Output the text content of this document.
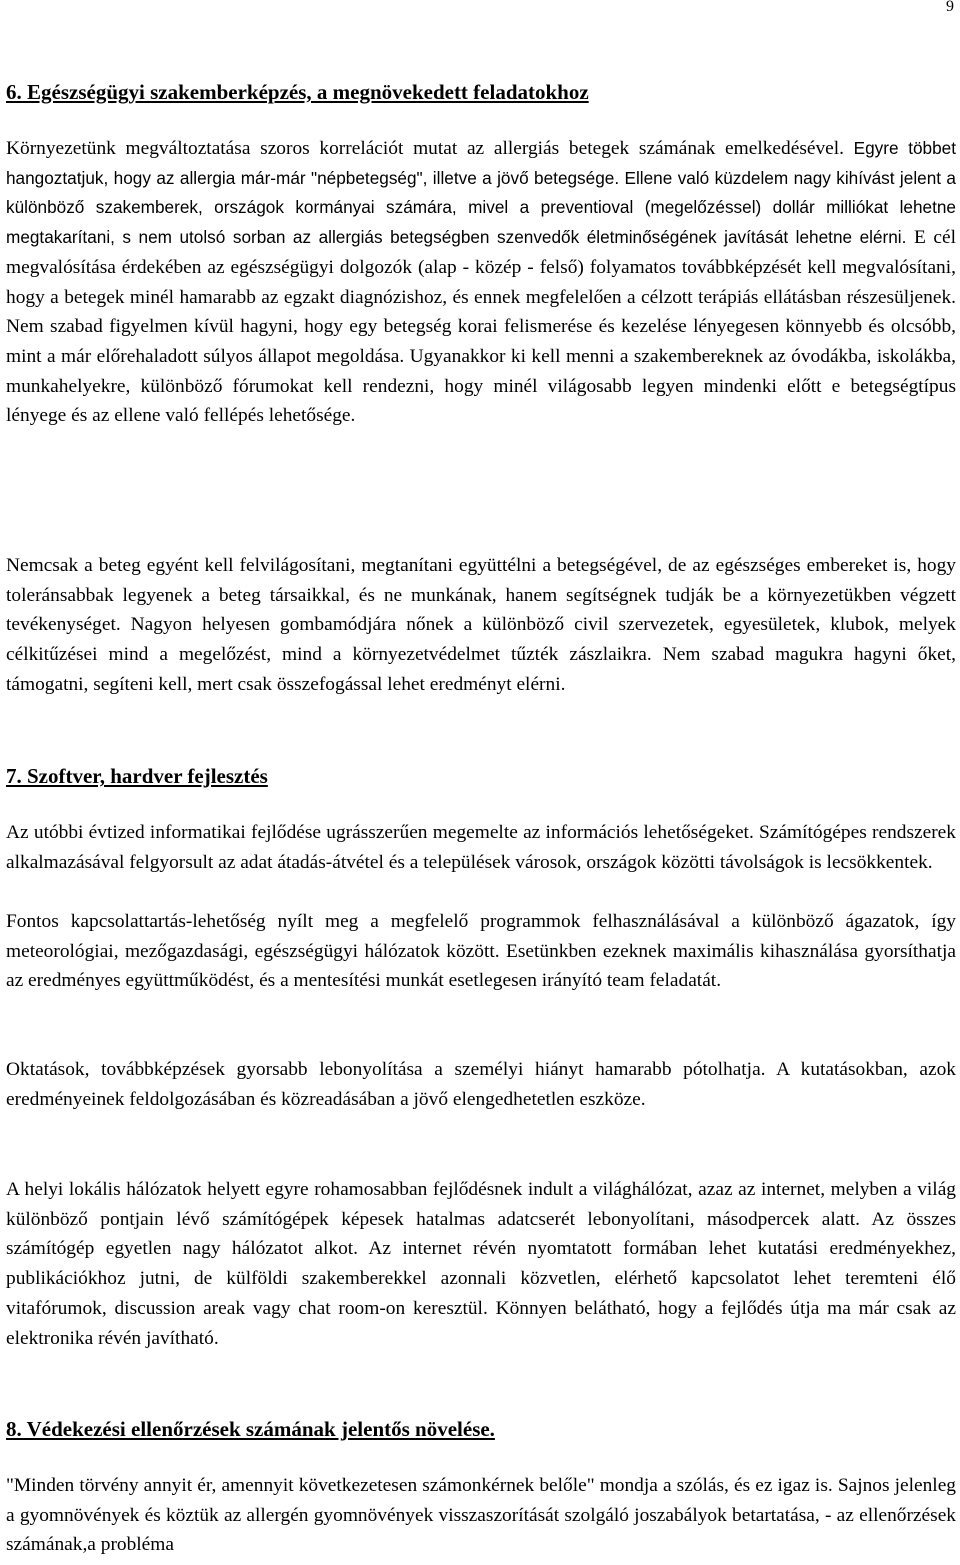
9
6. Egészségügyi szakemberképzés, a megnövekedett feladatokhoz

Környezetünk megváltoztatása szoros korrelációt mutat az allergiás betegek számának emelkedésével. Egyre többet hangoztatjuk, hogy az allergia már-már "népbetegség", illetve a jövő betegsége. Ellene való küzdelem nagy kihívást jelent a különböző szakemberek, országok kormányai számára, mivel a preventioval (megelőzéssel) dollár milliókat lehetne megtakarítani, s nem utolsó sorban az allergiás betegségben szenvedők életminőségének javítását lehetne elérni. E cél megvalósítása érdekében az egészségügyi dolgozók (alap - közép - felső) folyamatos továbbképzését kell megvalósítani, hogy a betegek minél hamarabb az egzakt diagnózishoz, és ennek megfelelően a célzott terápiás ellátásban részesüljenek. Nem szabad figyelmen kívül hagyni, hogy egy betegség korai felismerése és kezelése lényegesen könnyebb és olcsóbb, mint a már előrehaladott súlyos állapot megoldása. Ugyanakkor ki kell menni a szakembereknek az óvodákba, iskolákba, munkahelyekre, különböző fórumokat kell rendezni, hogy minél világosabb legyen mindenki előtt e betegségtípus lényege és az ellene való fellépés lehetősége.

Nemcsak a beteg egyént kell felvilágosítani, megtanítani együttélni a betegségével, de az egészséges embereket is, hogy toleránsabbak legyenek a beteg társaikkal, és ne munkának, hanem segítségnek tudják be a környezetükben végzett tevékenységet. Nagyon helyesen gombamódjára nőnek a különböző civil szervezetek, egyesületek, klubok, melyek célkitűzései mind a megelőzést, mind a környezetvédelmet tűzték zászlaikra. Nem szabad magukra hagyni őket, támogatni, segíteni kell, mert csak összefogással lehet eredményt elérni.

7. Szoftver, hardver fejlesztés

Az utóbbi évtized informatikai fejlődése ugrásszerűen megemelte az információs lehetőségeket. Számítógépes rendszerek alkalmazásával felgyorsult az adat átadás-átvétel és a települések városok, országok közötti távolságok is lecsökkentek.

Fontos kapcsolattartás-lehetőség nyílt meg a megfelelő programmok felhasználásával a különböző ágazatok, így meteorológiai, mezőgazdasági, egészségügyi hálózatok között. Esetünkben ezeknek maximális kihasználása gyorsíthatja az eredményes együttműködést, és a mentesítési munkát esetlegesen irányító team feladatát.

Oktatások, továbbképzések gyorsabb lebonyolítása a személyi hiányt hamarabb pótolhatja. A kutatásokban, azok eredményeinek feldolgozásában és közreadásában a jövő elengedhetetlen eszköze.

A helyi lokális hálózatok helyett egyre rohamosabban fejlődésnek indult a világhálózat, azaz az internet, melyben a világ különböző pontjain lévő számítógépek képesek hatalmas adatcserét lebonyolítani, másodpercek alatt. Az összes számítógép egyetlen nagy hálózatot alkot. Az internet révén nyomtatott formában lehet kutatási eredményekhez, publikációkhoz jutni, de külföldi szakemberekkel azonnali közvetlen, elérhető kapcsolatot lehet teremteni élő vitafórumok, discussion areak vagy chat room-on keresztül. Könnyen belátható, hogy a fejlődés útja ma már csak az elektronika révén javítható.

8. Védekezési ellenőrzések számának jelentős növelése.

"Minden törvény annyit ér, amennyit következetesen számonkérnek belőle" mondja a szólás, és ez igaz is. Sajnos jelenleg a gyomnövények és köztük az allergén gyomnövények visszaszorítását szolgáló joszabályok betartatása, - az ellenőrzések számának,a probléma
